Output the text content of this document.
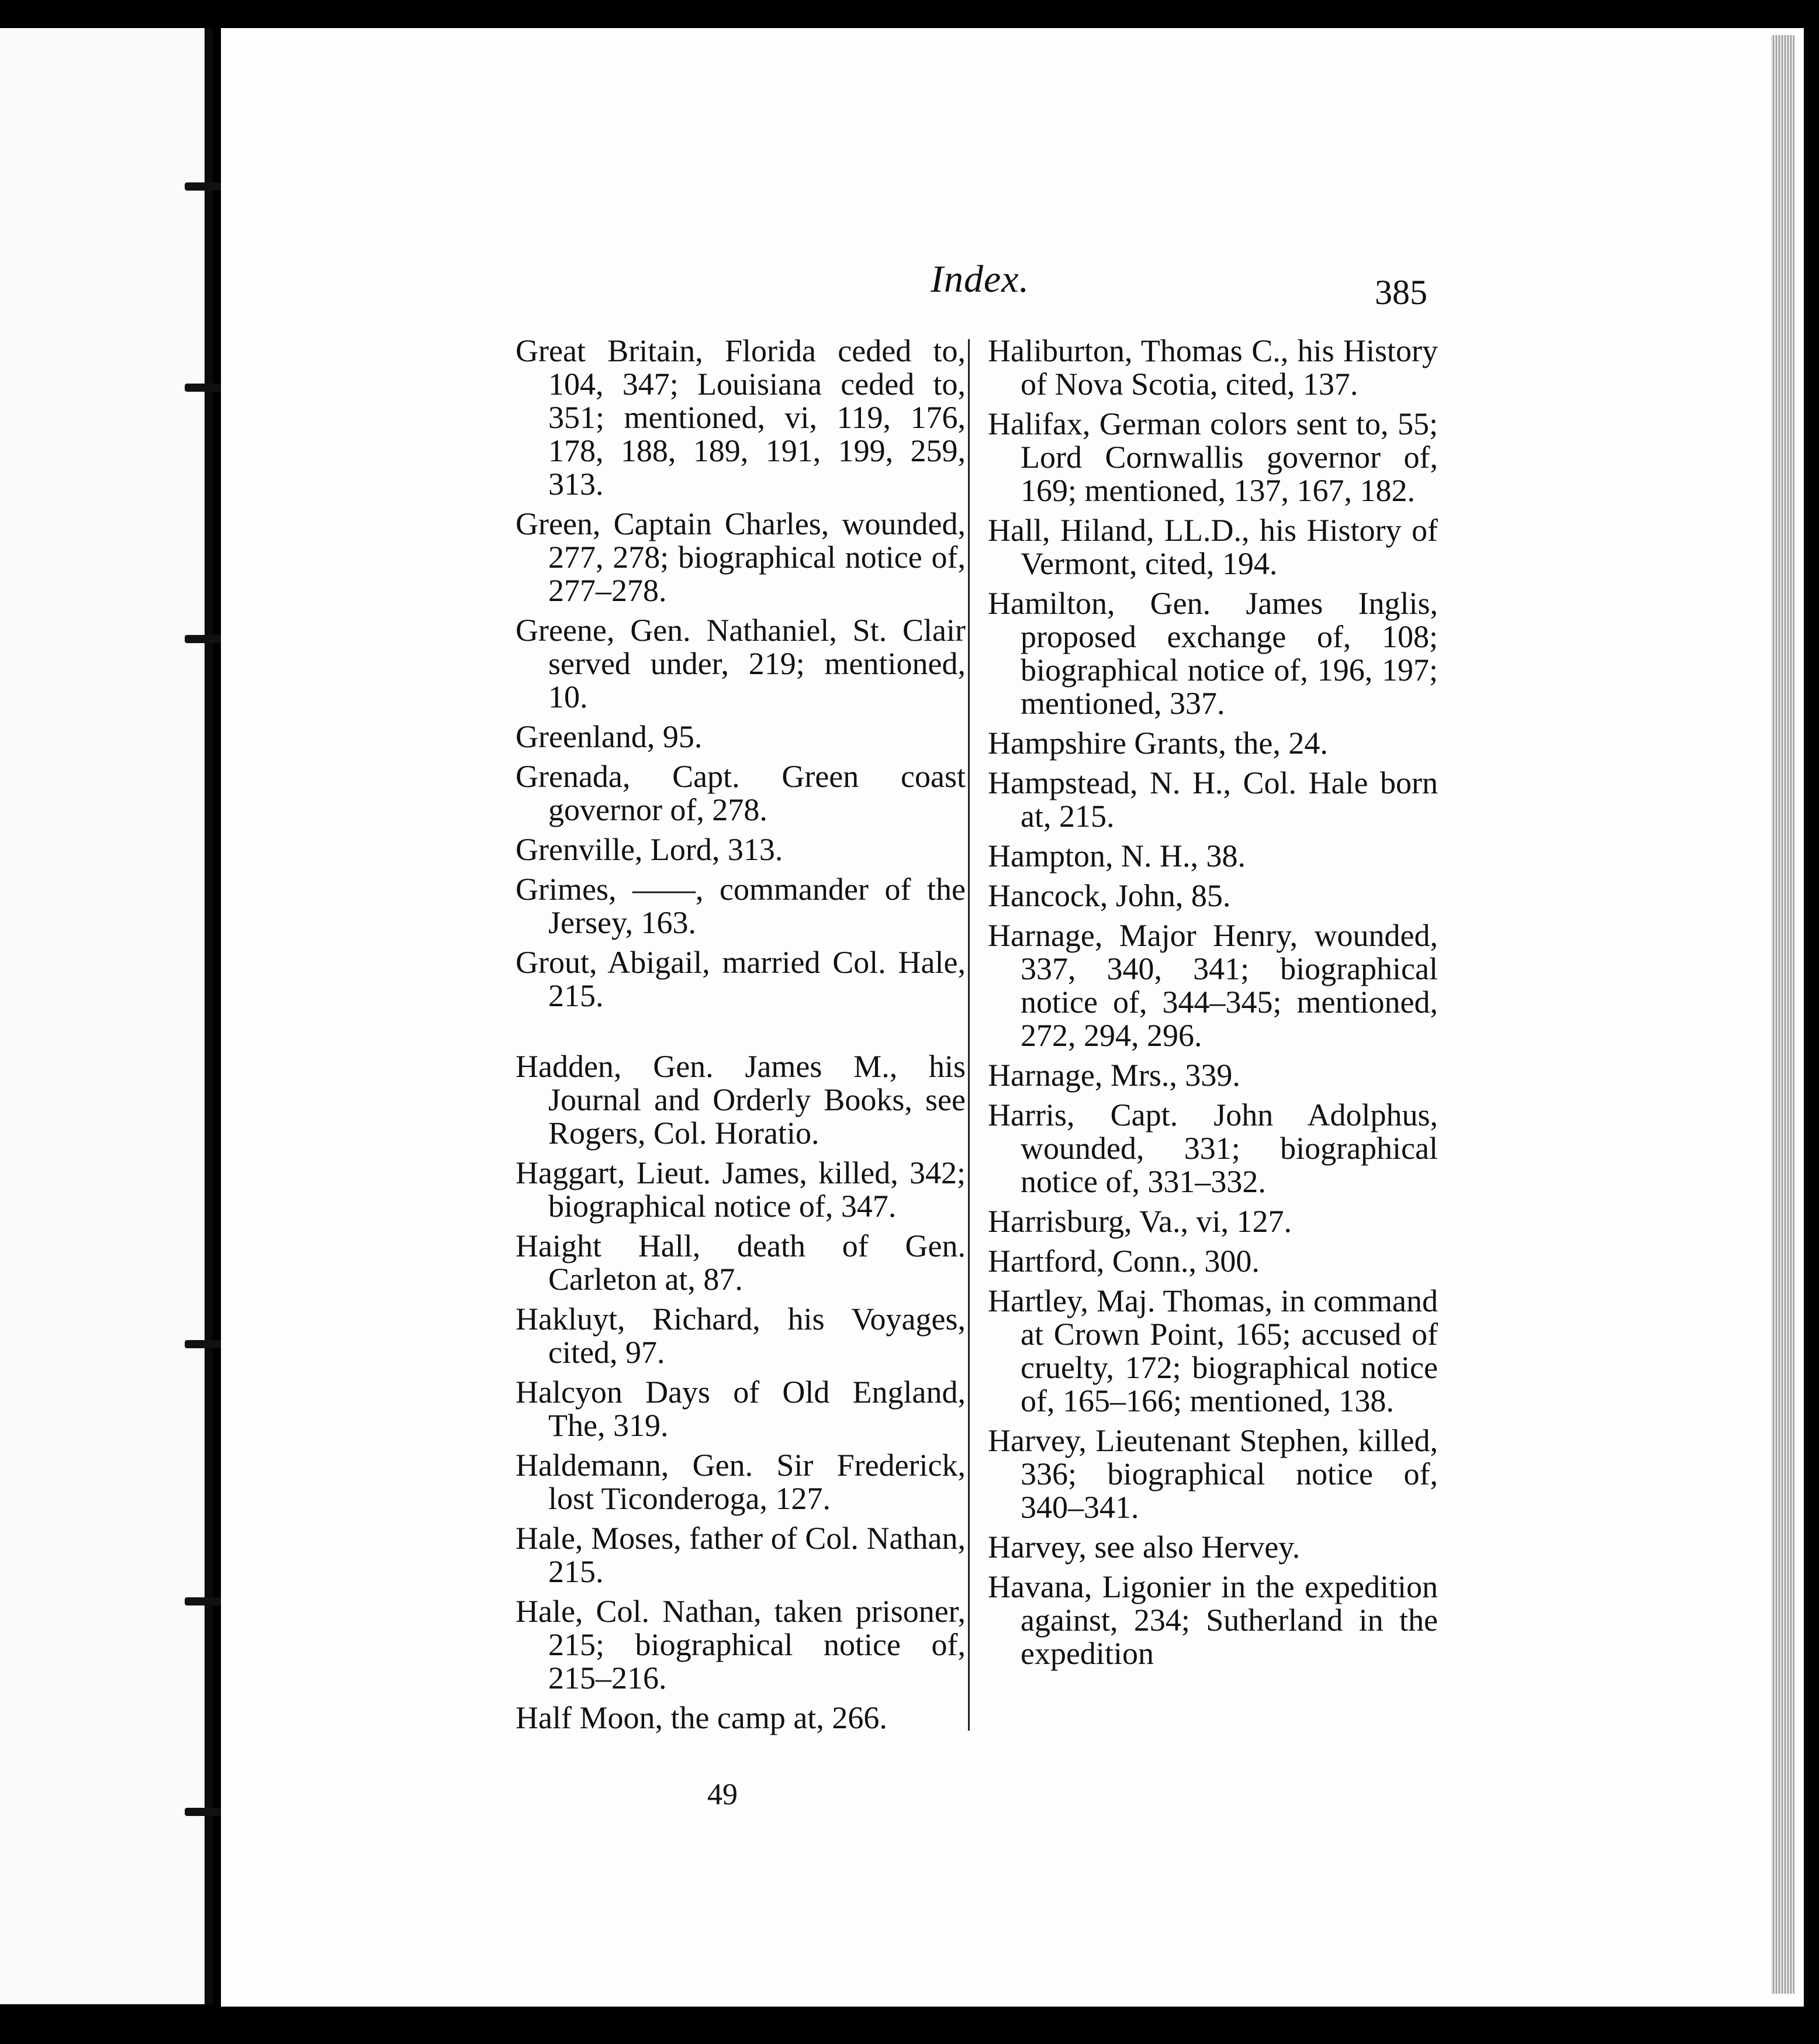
Index.	385

Great Britain, Florida ceded to, 104, 347; Louisiana ceded to, 351; mentioned, vi, 119, 176, 178, 188, 189, 191, 199, 259, 313.

Green, Captain Charles, wounded, 277, 278; biographical notice of, 277–278.

Greene, Gen. Nathaniel, St. Clair served under, 219; mentioned, 10.

Greenland, 95.

Grenada, Capt. Green coast governor of, 278.

Grenville, Lord, 313.

Grimes, ——, commander of the Jersey, 163.

Grout, Abigail, married Col. Hale, 215.

Hadden, Gen. James M., his Journal and Orderly Books, see Rogers, Col. Horatio.

Haggart, Lieut. James, killed, 342; biographical notice of, 347.

Haight Hall, death of Gen. Carleton at, 87.

Hakluyt, Richard, his Voyages, cited, 97.

Halcyon Days of Old England, The, 319.

Haldemann, Gen. Sir Frederick, lost Ticonderoga, 127.

Hale, Moses, father of Col. Nathan, 215.

Hale, Col. Nathan, taken prisoner, 215; biographical notice of, 215–216.

Half Moon, the camp at, 266.

Haliburton, Thomas C., his History of Nova Scotia, cited, 137.

Halifax, German colors sent to, 55; Lord Cornwallis governor of, 169; mentioned, 137, 167, 182.

Hall, Hiland, LL.D., his History of Vermont, cited, 194.

Hamilton, Gen. James Inglis, proposed exchange of, 108; biographical notice of, 196, 197; mentioned, 337.

Hampshire Grants, the, 24.

Hampstead, N. H., Col. Hale born at, 215.

Hampton, N. H., 38.

Hancock, John, 85.

Harnage, Major Henry, wounded, 337, 340, 341; biographical notice of, 344–345; mentioned, 272, 294, 296.

Harnage, Mrs., 339.

Harris, Capt. John Adolphus, wounded, 331; biographical notice of, 331–332.

Harrisburg, Va., vi, 127.

Hartford, Conn., 300.

Hartley, Maj. Thomas, in command at Crown Point, 165; accused of cruelty, 172; biographical notice of, 165–166; mentioned, 138.

Harvey, Lieutenant Stephen, killed, 336; biographical notice of, 340–341.

Harvey, see also Hervey.

Havana, Ligonier in the expedition against, 234; Sutherland in the expedition

49
